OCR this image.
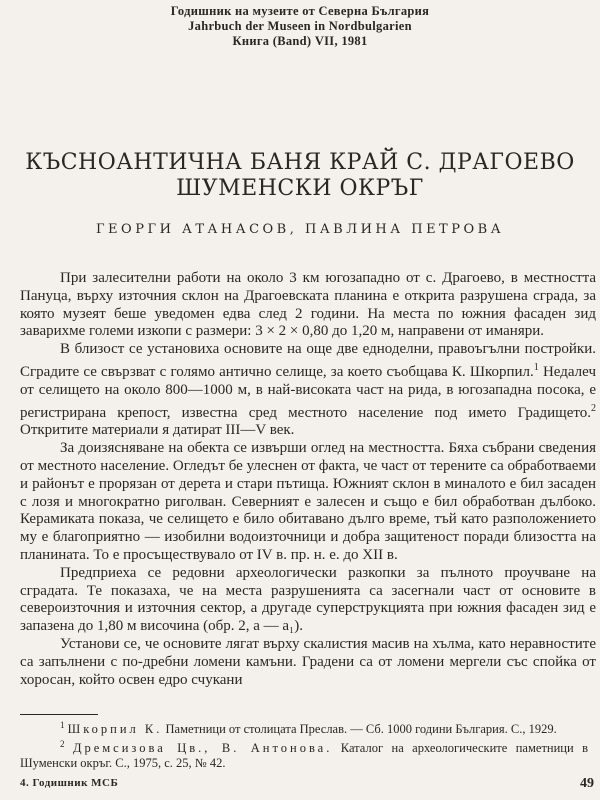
Годишник на музеите от Северна България
Jahrbuch der Museen in Nordbulgarien
Книга (Band) VII, 1981
КЪСНОАНТИЧНА БАНЯ КРАЙ С. ДРАГОЕВО
ШУМЕНСКИ ОКРЪГ
ГЕОРГИ АТАНАСОВ, ПАВЛИНА ПЕТРОВА

При залесителни работи на около 3 км югозападно от с. Драгоево, в местността Пануца, върху източния склон на Драгоевската планина е открита разрушена сграда, за която музеят беше уведомен едва след 2 години. На места по южния фасаден зид заварихме големи изкопи с размери: 3 × 2 × 0,80 до 1,20 м, направени от иманяри.

В близост се установиха основите на още две едноделни, правоъгълни постройки. Сградите се свързват с голямо антично селище, за което съобщава К. Шкорпил.$^1$ Недалеч от селището на около 800—1000 м, в най-високата част на рида, в югозападна посока, е регистрирана крепост, известна сред местното население под името Градището.$^2$ Откритите материали я датират III—V век.

За доизясняване на обекта се извърши оглед на местността. Бяха събрани сведения от местното население. Огледът бе улеснен от факта, че част от терените са обработваеми и районът е прорязан от дерета и стари пътища. Южният склон в миналото е бил засаден с лозя и многократно риголван. Северният е залесен и също е бил обработван дълбоко. Керамиката показа, че селището е било обитавано дълго време, тъй като разположението му е благоприятно — изобилни водоизточници и добра защитеност поради близостта на планината. То е просъществувало от IV в. пр. н. е. до XII в.

Предприеха се редовни археологически разкопки за пълното проучване на сградата. Те показаха, че на места разрушенията са засегнали част от основите в североизточния и източния сектор, а другаде суперструкцията при южния фасаден зид е запазена до 1,80 м височина (обр. 2, a — a₁).

Установи се, че основите лягат върху скалистия масив на хълма, като неравностите са запълнени с по-дребни ломени камъни. Градени са от ломени мергели със спойка от хоросан, който освен едро счукани

$^1$ Шкорпил К. Паметници от столицата Преслав. — Сб. 1000 години България. С., 1929.

$^2$ Дремсизова Цв., В. Антонова. Каталог на археологическите паметници в Шуменски окръг. С., 1975, с. 25, № 42.

4. Годишник МСБ	49
